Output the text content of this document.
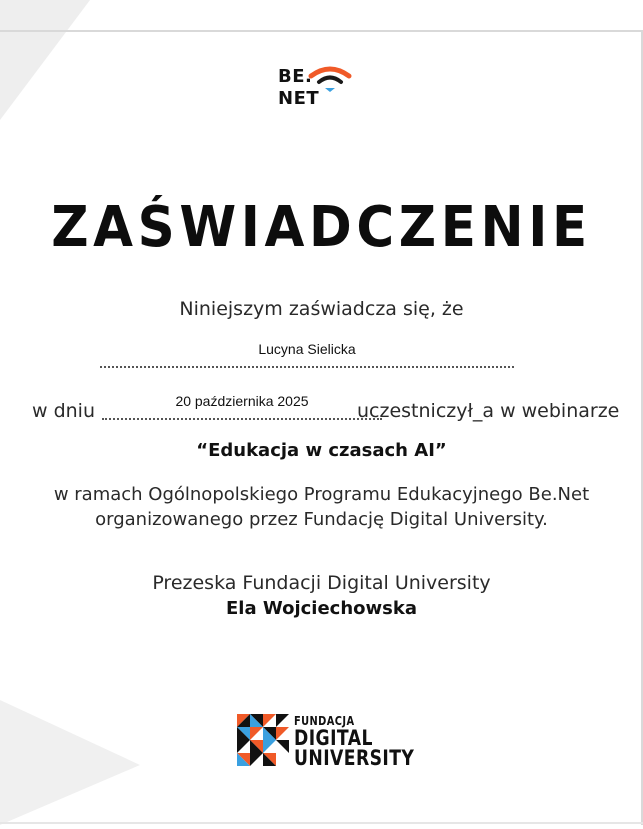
BE.
NET
ZAŚWIADCZENIE
Niniejszym zaświadcza się, że
Lucyna Sielicka
w dniu	20 października 2025	uczestniczył_a w webinarze
“Edukacja w czasach AI”
w ramach Ogólnopolskiego Programu Edukacyjnego Be.Net
organizowanego przez Fundację Digital University.
Prezeska Fundacji Digital University
Ela Wojciechowska
FUNDACJA
DIGITAL
UNIVERSITY
